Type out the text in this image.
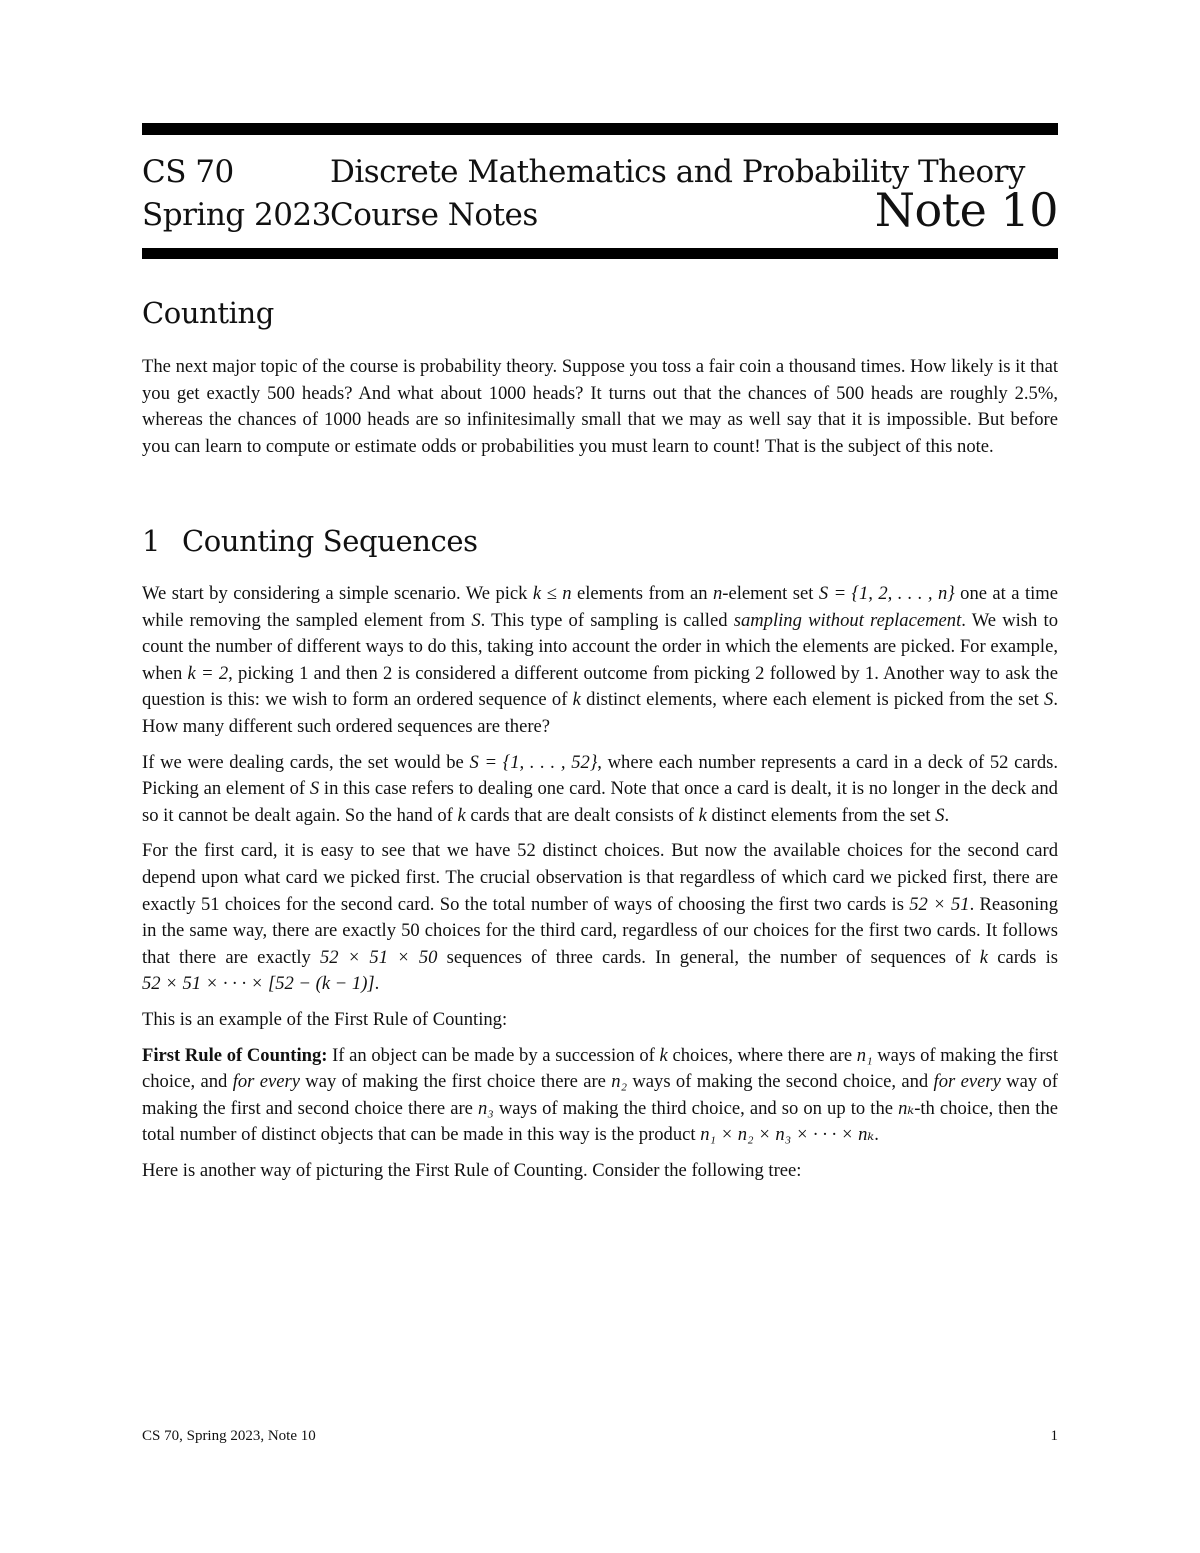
CS 70
Spring 2023
Discrete Mathematics and Probability Theory
Course Notes	Note 10
Counting

The next major topic of the course is probability theory. Suppose you toss a fair coin a thousand times. How likely is it that you get exactly 500 heads? And what about 1000 heads? It turns out that the chances of 500 heads are roughly 2.5%, whereas the chances of 1000 heads are so infinitesimally small that we may as well say that it is impossible. But before you can learn to compute or estimate odds or probabilities you must learn to count! That is the subject of this note.

1 Counting Sequences

We start by considering a simple scenario. We pick k ≤ n elements from an n-element set S = {1, 2, . . . , n} one at a time while removing the sampled element from S. This type of sampling is called sampling without replacement. We wish to count the number of different ways to do this, taking into account the order in which the elements are picked. For example, when k = 2, picking 1 and then 2 is considered a different outcome from picking 2 followed by 1. Another way to ask the question is this: we wish to form an ordered sequence of k distinct elements, where each element is picked from the set S. How many different such ordered sequences are there?

If we were dealing cards, the set would be S = {1, . . . , 52}, where each number represents a card in a deck of 52 cards. Picking an element of S in this case refers to dealing one card. Note that once a card is dealt, it is no longer in the deck and so it cannot be dealt again. So the hand of k cards that are dealt consists of k distinct elements from the set S.

For the first card, it is easy to see that we have 52 distinct choices. But now the available choices for the second card depend upon what card we picked first. The crucial observation is that regardless of which card we picked first, there are exactly 51 choices for the second card. So the total number of ways of choosing the first two cards is 52 × 51. Reasoning in the same way, there are exactly 50 choices for the third card, regardless of our choices for the first two cards. It follows that there are exactly 52 × 51 × 50 sequences of three cards. In general, the number of sequences of k cards is 52 × 51 × · · · × [52 − (k − 1)].

This is an example of the First Rule of Counting:

First Rule of Counting: If an object can be made by a succession of k choices, where there are n₁ ways of making the first choice, and for every way of making the first choice there are n₂ ways of making the second choice, and for every way of making the first and second choice there are n₃ ways of making the third choice, and so on up to the nₖ-th choice, then the total number of distinct objects that can be made in this way is the product n₁ × n₂ × n₃ × · · · × nₖ.

Here is another way of picturing the First Rule of Counting. Consider the following tree:

CS 70, Spring 2023, Note 10	1
